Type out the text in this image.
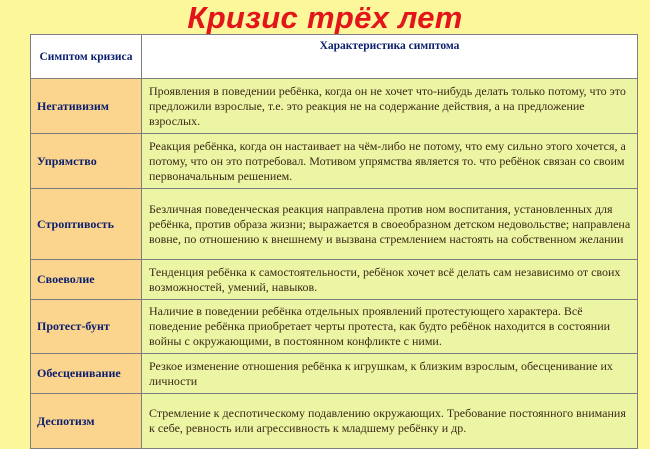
Кризис трёх лет
Симптом кризиса	Характеристика симптома
Негативизим	Проявления в поведении ребёнка, когда он не хочет что-нибудь делать только потому, что это предложили взрослые, т.е. это реакция не на содержание действия, а на предложение взрослых.
Упрямство	Реакция ребёнка, когда он настаивает на чём-либо не потому, что ему сильно этого хочется, а потому, что он это потребовал. Мотивом упрямства является то. что ребёнок связан со своим первоначальным решением.
Строптивость	Безличная поведенческая реакция направлена против ном воспитания, установленных для ребёнка, против образа жизни; выражается в своеобразном детском недовольстве; направлена вовне, по отношению к внешнему и вызвана стремлением настоять на собственном желании
Своеволие	Тенденция ребёнка к самостоятельности, ребёнок хочет всё делать сам независимо от своих возможностей, умений, навыков.
Протест-бунт	Наличие в поведении ребёнка отдельных проявлений протестующего характера. Всё поведение ребёнка приобретает черты протеста, как будто ребёнок находится в состоянии войны с окружающими, в постоянном конфликте с ними.
Обесценивание	Резкое изменение отношения ребёнка к игрушкам, к близким взрослым, обесценивание их личности
Деспотизм	Стремление к деспотическому подавлению окружающих. Требование постоянного внимания к себе, ревность или агрессивность к младшему ребёнку и др.
